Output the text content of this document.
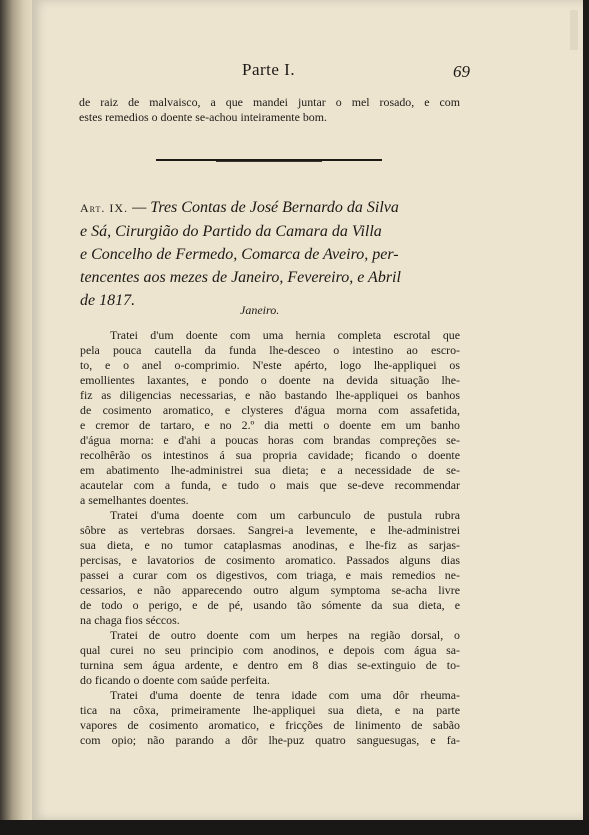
Parte I.	69
de raiz de malvaisco, a que mandei juntar o mel rosado, e com
estes remedios o doente se-achou inteiramente bom.
Art. IX. — Tres Contas de José Bernardo da Silva
e Sá, Cirurgião do Partido da Camara da Villa
e Concelho de Fermedo, Comarca de Aveiro, per-
tencentes aos mezes de Janeiro, Fevereiro, e Abril
de 1817.
Janeiro.
Tratei d'um doente com uma hernia completa escrotal que
pela pouca cautella da funda lhe-desceo o intestino ao escro-
to, e o anel o-comprimio. N'este apérto, logo lhe-appliquei os
emollientes laxantes, e pondo o doente na devida situação lhe-
fiz as diligencias necessarias, e não bastando lhe-appliquei os banhos
de cosimento aromatico, e clysteres d'água morna com assafetida,
e cremor de tartaro, e no 2.º dia metti o doente em um banho
d'água morna: e d'ahi a poucas horas com brandas compreções se-
recolhêrão os intestinos á sua propria cavidade; ficando o doente
em abatimento lhe-administrei sua dieta; e a necessidade de se-
acautelar com a funda, e tudo o mais que se-deve recommendar
a semelhantes doentes.
Tratei d'uma doente com um carbunculo de pustula rubra
sôbre as vertebras dorsaes. Sangrei-a levemente, e lhe-administrei
sua dieta, e no tumor cataplasmas anodinas, e lhe-fiz as sarjas-
percisas, e lavatorios de cosimento aromatico. Passados alguns dias
passei a curar com os digestivos, com triaga, e mais remedios ne-
cessarios, e não apparecendo outro algum symptoma se-acha livre
de todo o perigo, e de pé, usando tão sómente da sua dieta, e
na chaga fios séccos.
Tratei de outro doente com um herpes na região dorsal, o
qual curei no seu principio com anodinos, e depois com água sa-
turnina sem água ardente, e dentro em 8 dias se-extinguio de to-
do ficando o doente com saúde perfeita.
Tratei d'uma doente de tenra idade com uma dôr rheuma-
tica na côxa, primeiramente lhe-appliquei sua dieta, e na parte
vapores de cosimento aromatico, e fricções de linimento de sabão
com opio; não parando a dôr lhe-puz quatro sanguesugas, e fa-
